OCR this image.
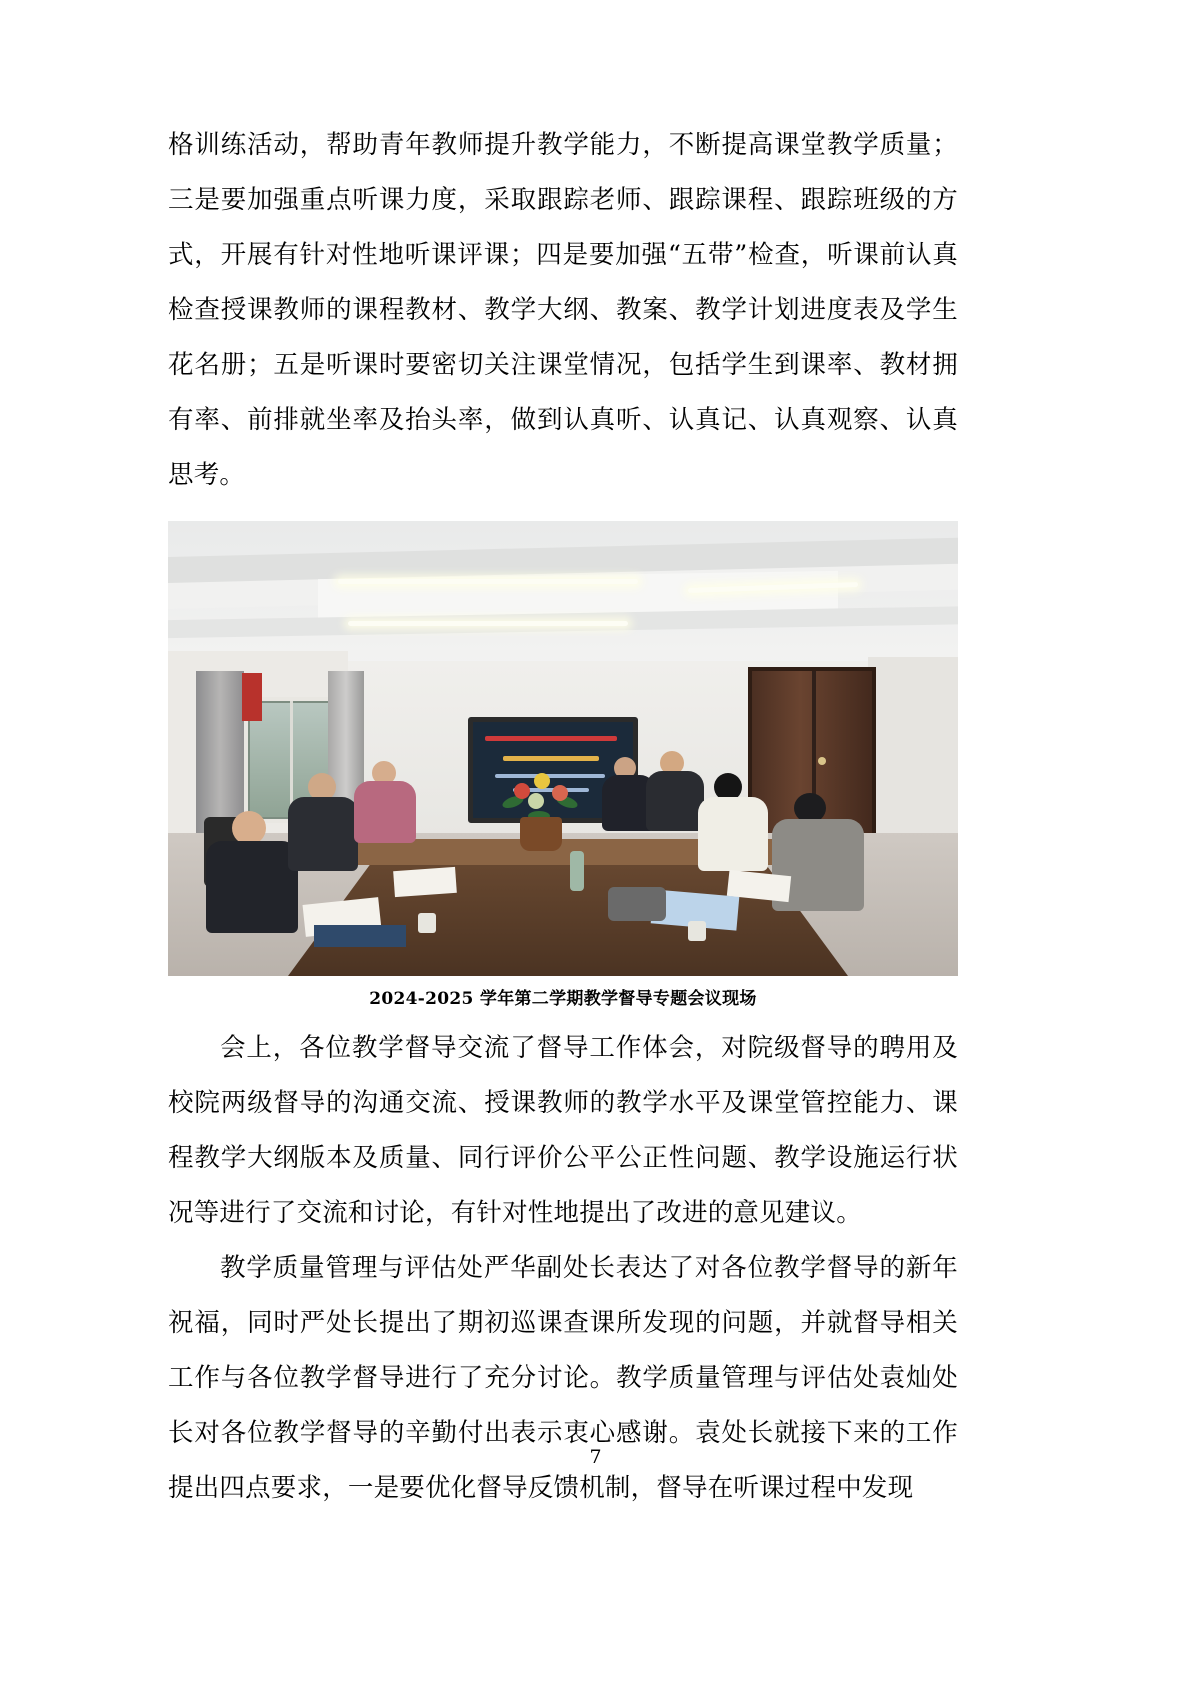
格训练活动，帮助青年教师提升教学能力，不断提高课堂教学质量；三是要加强重点听课力度，采取跟踪老师、跟踪课程、跟踪班级的方式，开展有针对性地听课评课；四是要加强“五带”检查，听课前认真检查授课教师的课程教材、教学大纲、教案、教学计划进度表及学生花名册；五是听课时要密切关注课堂情况，包括学生到课率、教材拥有率、前排就坐率及抬头率，做到认真听、认真记、认真观察、认真思考。

2024-2025 学年第二学期教学督导专题会议现场

会上，各位教学督导交流了督导工作体会，对院级督导的聘用及校院两级督导的沟通交流、授课教师的教学水平及课堂管控能力、课程教学大纲版本及质量、同行评价公平公正性问题、教学设施运行状况等进行了交流和讨论，有针对性地提出了改进的意见建议。

教学质量管理与评估处严华副处长表达了对各位教学督导的新年祝福，同时严处长提出了期初巡课查课所发现的问题，并就督导相关工作与各位教学督导进行了充分讨论。教学质量管理与评估处袁灿处长对各位教学督导的辛勤付出表示衷心感谢。袁处长就接下来的工作提出四点要求，一是要优化督导反馈机制，督导在听课过程中发现

7
